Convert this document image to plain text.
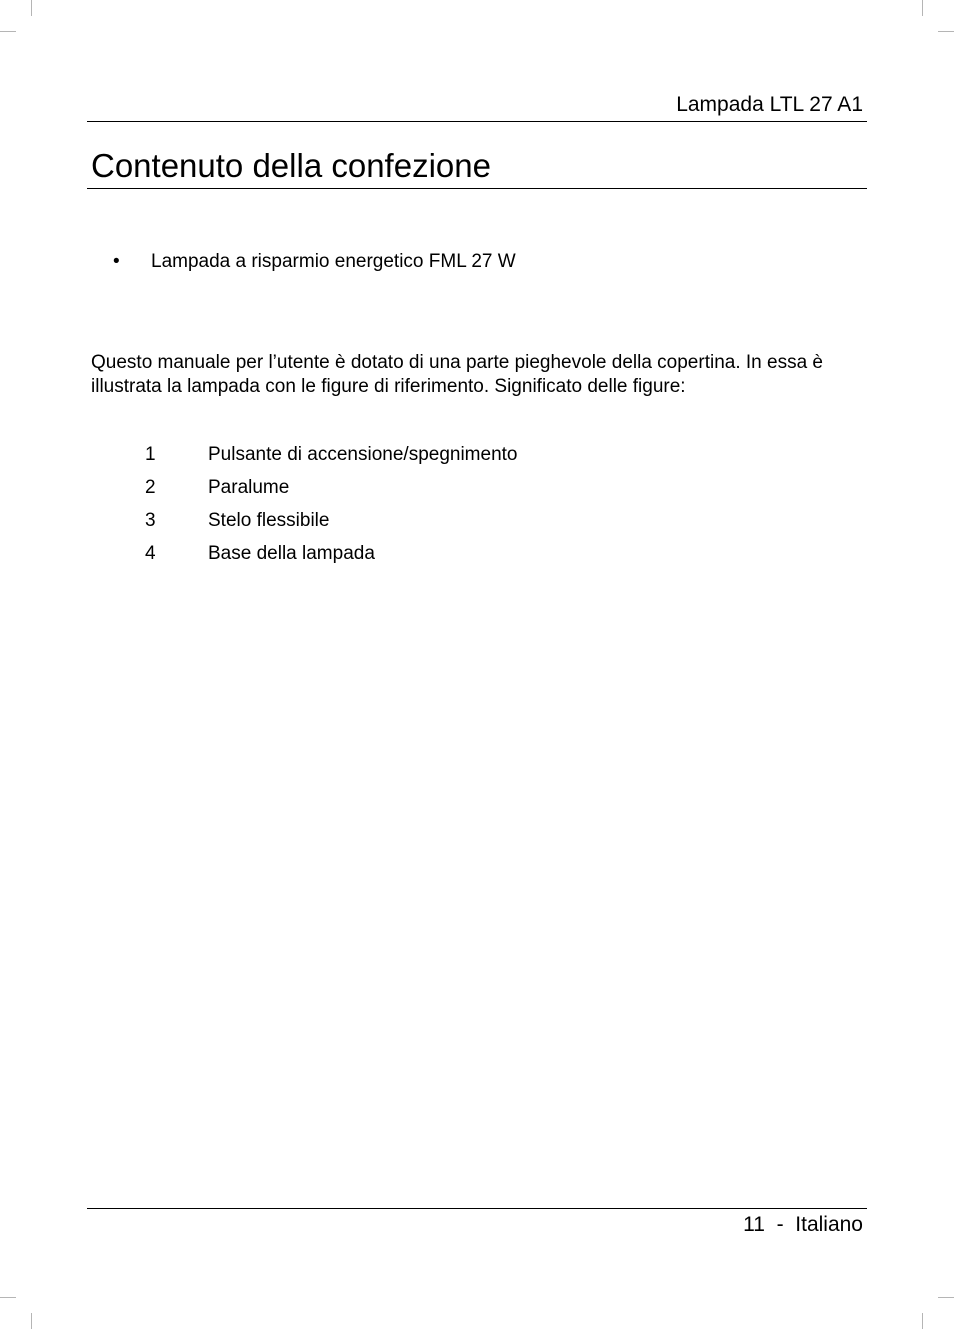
Lampada LTL 27 A1
Contenuto della confezione
•	Lampada a risparmio energetico FML 27 W

Questo manuale per l’utente è dotato di una parte pieghevole della copertina. In essa è illustrata la lampada con le figure di riferimento. Significato delle figure:

1	Pulsante di accensione/spegnimento
2	Paralume
3	Stelo flessibile
4	Base della lampada
11  -  Italiano
